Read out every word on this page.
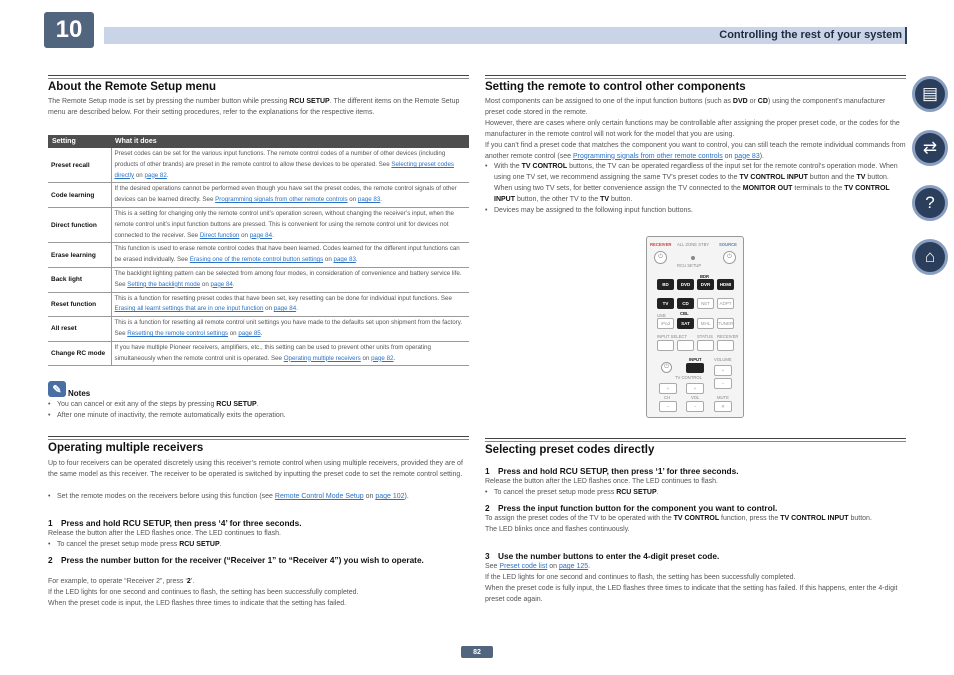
10	Controlling the rest of your system
About the Remote Setup menu
The Remote Setup mode is set by pressing the number button while pressing RCU SETUP. The different items on the Remote Setup menu are described below. For their setting procedures, refer to the explanations for the respective items.
Setting	What it does
Preset recall	Preset codes can be set for the various input functions. The remote control codes of a number of other devices (including products of other brands) are preset in the remote control to allow these devices to be operated. See Selecting preset codes directly on page 82.
Code learning	If the desired operations cannot be performed even though you have set the preset codes, the remote control signals of other devices can be learned directly. See Programming signals from other remote controls on page 83.
Direct function	This is a setting for changing only the remote control unit’s operation screen, without changing the receiver’s input, when the remote control unit’s input function buttons are pressed. This is convenient for using the remote control unit for devices not connected to the receiver. See Direct function on page 84.
Erase learning	This function is used to erase remote control codes that have been learned. Codes learned for the different input functions can be erased individually. See Erasing one of the remote control button settings on page 83.
Back light	The backlight lighting pattern can be selected from among four modes, in consideration of convenience and battery service life. See Setting the backlight mode on page 84.
Reset function	This is a function for resetting preset codes that have been set, key resetting can be done for individual input functions. See Erasing all learnt settings that are in one input function on page 84.
All reset	This is a function for resetting all remote control unit settings you have made to the defaults set upon shipment from the factory. See Resetting the remote control settings on page 85.
Change RC mode	If you have multiple Pioneer receivers, amplifiers, etc., this setting can be used to prevent other units from operating simultaneously when the remote control unit is operated. See Operating multiple receivers on page 82.
✎ Notes
• You can cancel or exit any of the steps by pressing RCU SETUP.
• After one minute of inactivity, the remote automatically exits the operation.
Operating multiple receivers
Up to four receivers can be operated discretely using this receiver’s remote control when using multiple receivers, provided they are of the same model as this receiver. The receiver to be operated is switched by inputting the preset code to set the remote control setting.
• Set the remote modes on the receivers before using this function (see Remote Control Mode Setup on page 102).
1 Press and hold RCU SETUP, then press ‘4’ for three seconds.
Release the button after the LED flashes once. The LED continues to flash.
• To cancel the preset setup mode press RCU SETUP.
2 Press the number button for the receiver (“Receiver 1” to “Receiver 4”) you wish to operate.
For example, to operate “Receiver 2”, press ‘2’.
If the LED lights for one second and continues to flash, the setting has been successfully completed.
When the preset code is input, the LED flashes three times to indicate that the setting has failed.
Setting the remote to control other components
Most components can be assigned to one of the input function buttons (such as DVD or CD) using the component’s manufacturer preset code stored in the remote.
However, there are cases where only certain functions may be controllable after assigning the proper preset code, or the codes for the manufacturer in the remote control will not work for the model that you are using.
If you can’t find a preset code that matches the component you want to control, you can still teach the remote individual commands from another remote control (see Programming signals from other remote controls on page 83).
• With the TV CONTROL buttons, the TV can be operated regardless of the input set for the remote control’s operation mode. When using one TV set, we recommend assigning the same TV’s preset codes to the TV CONTROL INPUT button and the TV button. When using two TV sets, for better convenience assign the TV connected to the MONITOR OUT terminals to the TV CONTROL INPUT button, the other TV to the TV button.
• Devices may be assigned to the following input function buttons.
RECEIVER ALL ZONE STBY SOURCE
⏻	⏻
RCU SETUP
BDR
BD	DVD	DVR	HDMI
TV	CD	NET	ADPT
CBL
USB
iPod	SAT	MHL	TUNER
INPUT SELECT STATUS RECEIVER
INPUT	VOLUME
⏻
TV CONTROL
+
−
+	+
CH	VOL	MUTE
−	−	✕
Selecting preset codes directly
1 Press and hold RCU SETUP, then press ‘1’ for three seconds.
Release the button after the LED flashes once. The LED continues to flash.
• To cancel the preset setup mode press RCU SETUP.
2 Press the input function button for the component you want to control.
To assign the preset codes of the TV to be operated with the TV CONTROL function, press the TV CONTROL INPUT button.
The LED blinks once and flashes continuously.
3 Use the number buttons to enter the 4-digit preset code.
See Preset code list on page 125.
If the LED lights for one second and continues to flash, the setting has been successfully completed.
When the preset code is fully input, the LED flashes three times to indicate that the setting has failed. If this happens, enter the 4-digit preset code again.
▤
⇄
?
⌂
82
